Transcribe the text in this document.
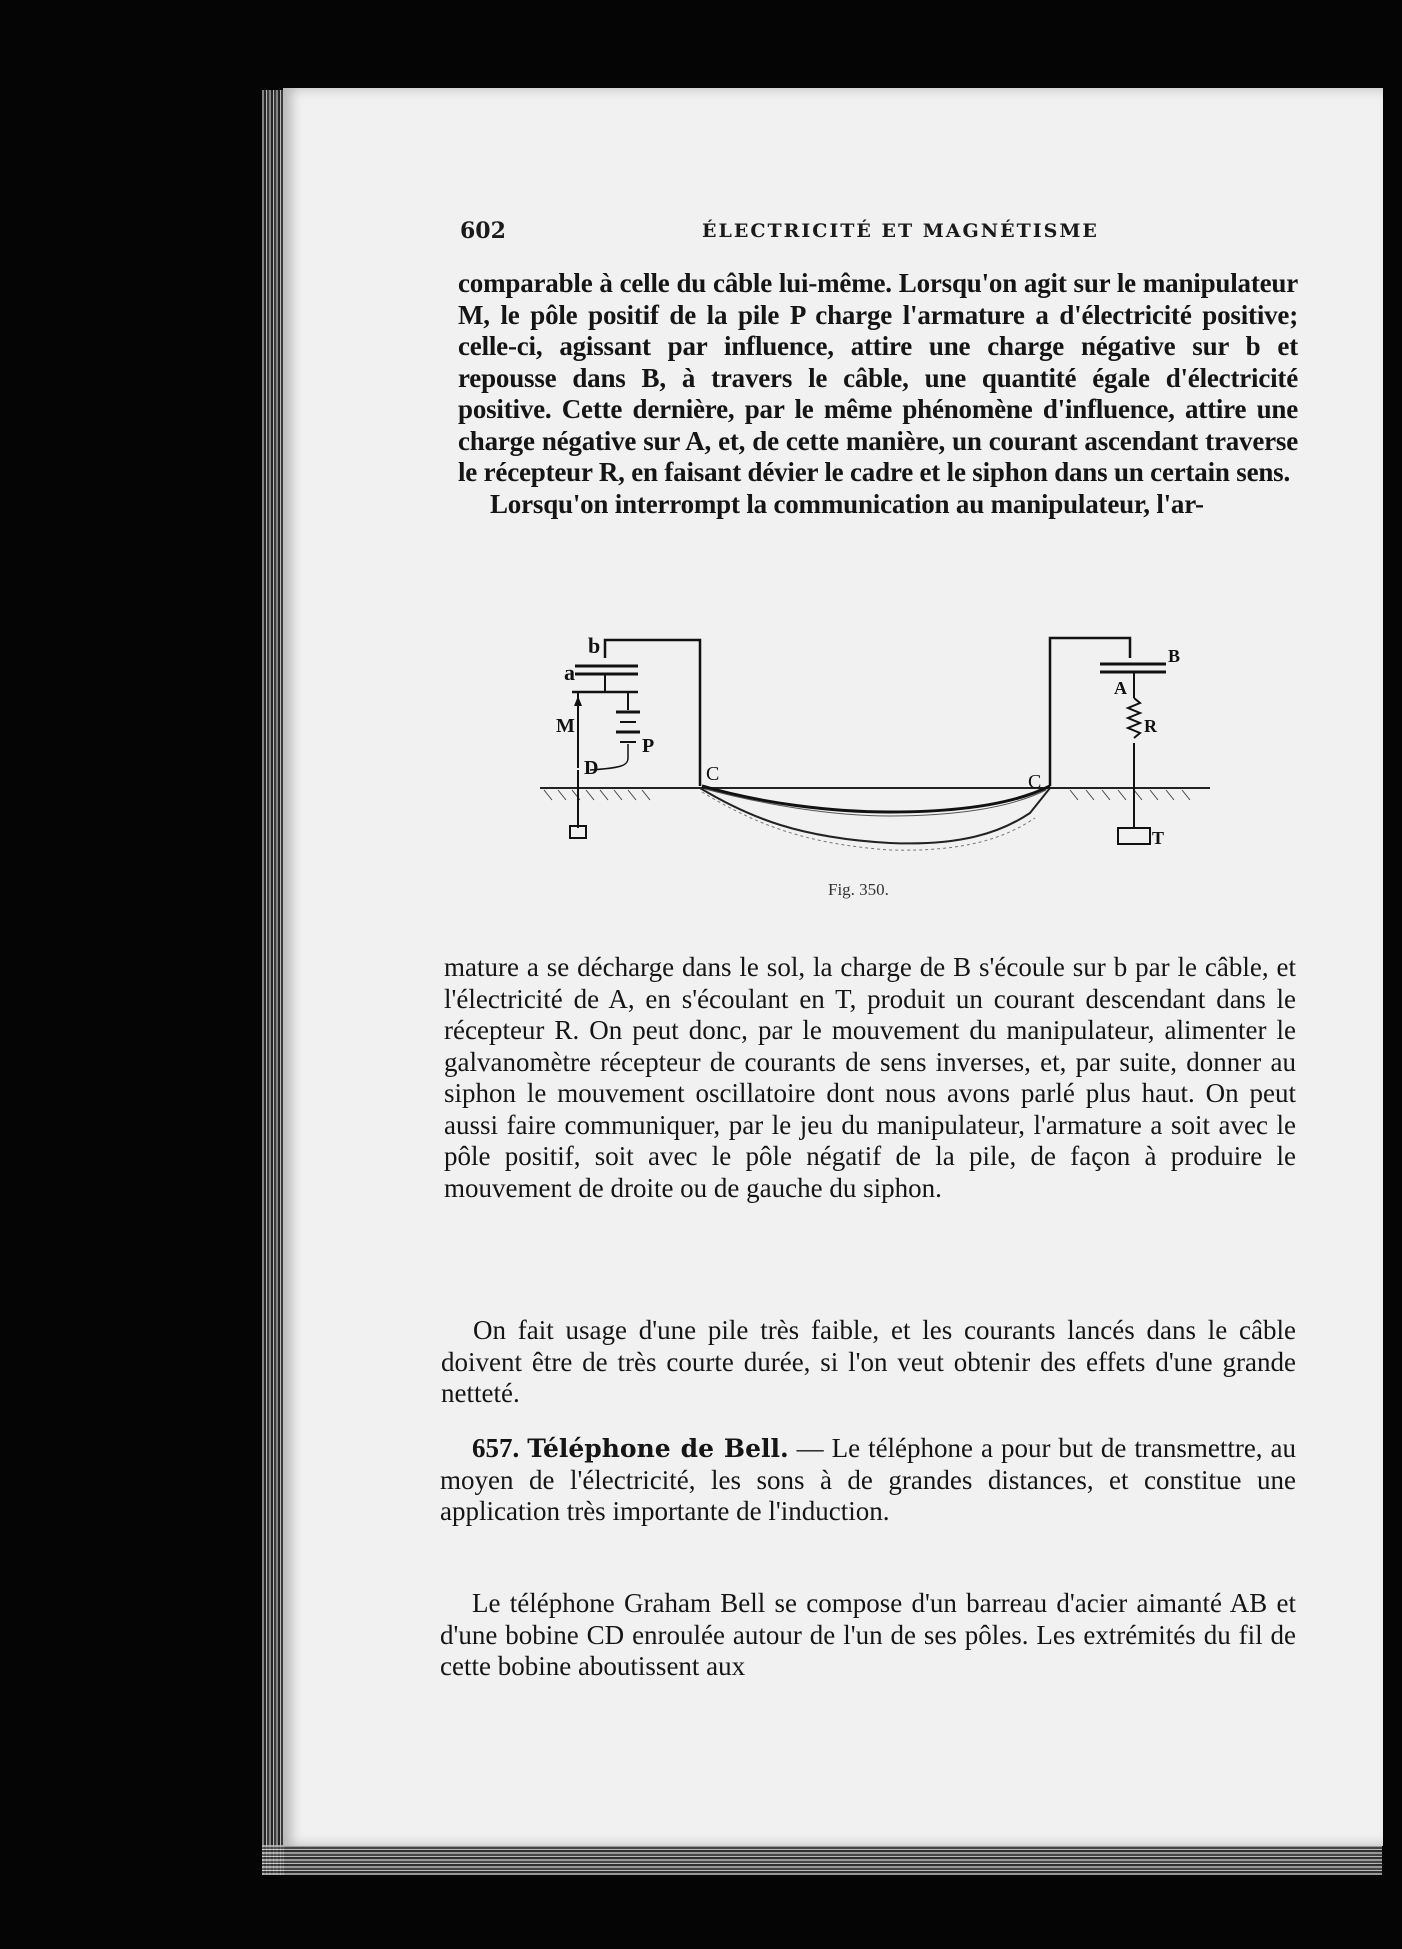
602	ÉLECTRICITÉ ET MAGNÉTISME

comparable à celle du câble lui-même. Lorsqu'on agit sur le manipulateur M, le pôle positif de la pile P charge l'armature a d'électricité positive; celle-ci, agissant par influence, attire une charge négative sur b et repousse dans B, à travers le câble, une quantité égale d'électricité positive. Cette dernière, par le même phénomène d'influence, attire une charge négative sur A, et, de cette manière, un courant ascendant traverse le récepteur R, en faisant dévier le cadre et le siphon dans un certain sens.

Lorsqu'on interrompt la communication au manipulateur, l'ar-

b
a
M
P
D	C	C
B
A
R
T
Fig. 350.

mature a se décharge dans le sol, la charge de B s'écoule sur b par le câble, et l'électricité de A, en s'écoulant en T, produit un courant descendant dans le récepteur R. On peut donc, par le mouvement du manipulateur, alimenter le galvanomètre récepteur de courants de sens inverses, et, par suite, donner au siphon le mouvement oscillatoire dont nous avons parlé plus haut. On peut aussi faire communiquer, par le jeu du manipulateur, l'armature a soit avec le pôle positif, soit avec le pôle négatif de la pile, de façon à produire le mouvement de droite ou de gauche du siphon.

On fait usage d'une pile très faible, et les courants lancés dans le câble doivent être de très courte durée, si l'on veut obtenir des effets d'une grande netteté.

657. Téléphone de Bell. — Le téléphone a pour but de transmettre, au moyen de l'électricité, les sons à de grandes distances, et constitue une application très importante de l'induction.

Le téléphone Graham Bell se compose d'un barreau d'acier aimanté AB et d'une bobine CD enroulée autour de l'un de ses pôles. Les extrémités du fil de cette bobine aboutissent aux
